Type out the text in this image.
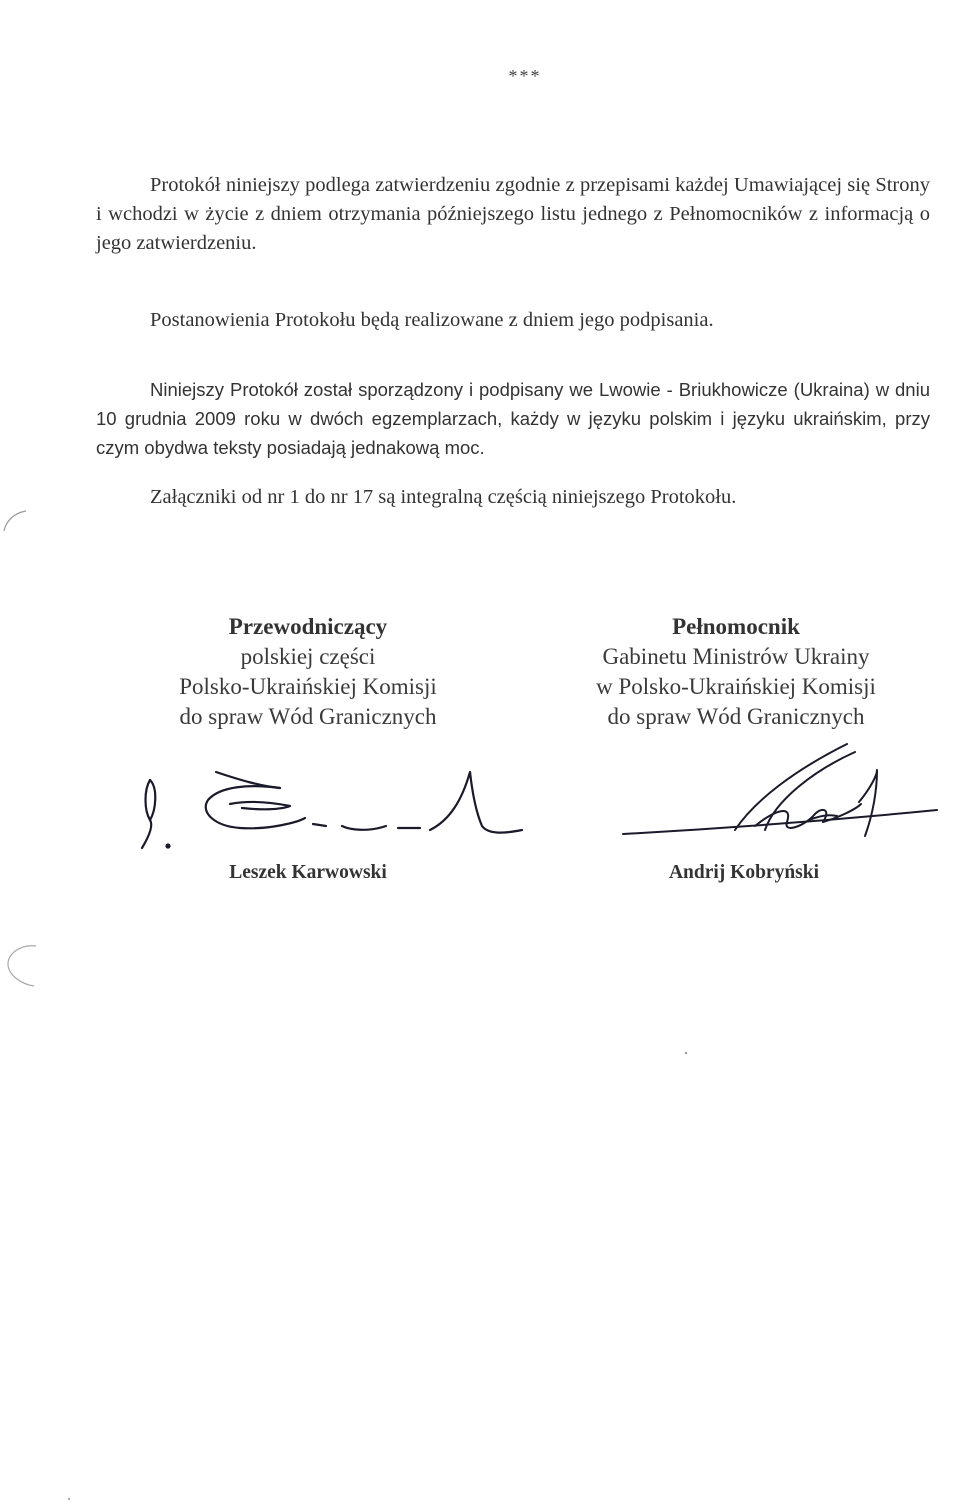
***

Protokół niniejszy podlega zatwierdzeniu zgodnie z przepisami każdej Umawiającej się Strony i wchodzi w życie z dniem otrzymania późniejszego listu jednego z Pełnomocników z informacją o jego zatwierdzeniu.

Postanowienia Protokołu będą realizowane z dniem jego podpisania.

Niniejszy Protokół został sporządzony i podpisany we Lwowie - Briukhowicze (Ukraina) w dniu 10 grudnia 2009 roku w dwóch egzemplarzach, każdy w języku polskim i języku ukraińskim, przy czym obydwa teksty posiadają jednakową moc.

Załączniki od nr 1 do nr 17 są integralną częścią niniejszego Protokołu.

Przewodniczący
polskiej części
Polsko-Ukraińskiej Komisji
do spraw Wód Granicznych
Pełnomocnik
Gabinetu Ministrów Ukrainy
w Polsko-Ukraińskiej Komisji
do spraw Wód Granicznych
Leszek Karwowski	Andrij Kobryński
